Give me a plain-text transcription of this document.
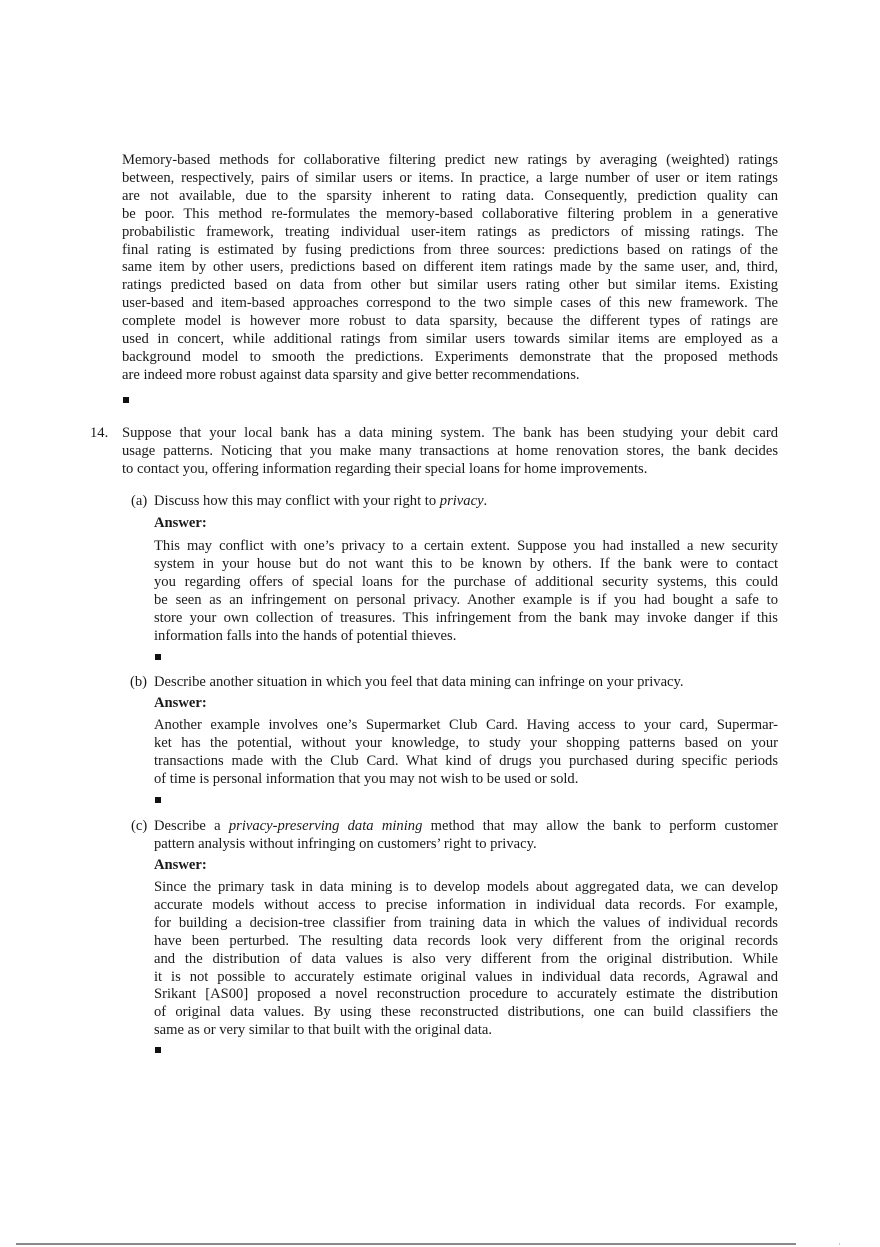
Memory-based methods for collaborative filtering predict new ratings by averaging (weighted) ratings
between, respectively, pairs of similar users or items. In practice, a large number of user or item ratings
are not available, due to the sparsity inherent to rating data. Consequently, prediction quality can
be poor. This method re-formulates the memory-based collaborative filtering problem in a generative
probabilistic framework, treating individual user-item ratings as predictors of missing ratings. The
final rating is estimated by fusing predictions from three sources: predictions based on ratings of the
same item by other users, predictions based on different item ratings made by the same user, and, third,
ratings predicted based on data from other but similar users rating other but similar items. Existing
user-based and item-based approaches correspond to the two simple cases of this new framework. The
complete model is however more robust to data sparsity, because the different types of ratings are
used in concert, while additional ratings from similar users towards similar items are employed as a
background model to smooth the predictions. Experiments demonstrate that the proposed methods
are indeed more robust against data sparsity and give better recommendations.
14. Suppose that your local bank has a data mining system. The bank has been studying your debit card
usage patterns. Noticing that you make many transactions at home renovation stores, the bank decides
to contact you, offering information regarding their special loans for home improvements.
(a) Discuss how this may conflict with your right to privacy.
Answer:
This may conflict with one’s privacy to a certain extent. Suppose you had installed a new security
system in your house but do not want this to be known by others. If the bank were to contact
you regarding offers of special loans for the purchase of additional security systems, this could
be seen as an infringement on personal privacy. Another example is if you had bought a safe to
store your own collection of treasures. This infringement from the bank may invoke danger if this
information falls into the hands of potential thieves.
(b) Describe another situation in which you feel that data mining can infringe on your privacy.
Answer:
Another example involves one’s Supermarket Club Card. Having access to your card, Supermar-
ket has the potential, without your knowledge, to study your shopping patterns based on your
transactions made with the Club Card. What kind of drugs you purchased during specific periods
of time is personal information that you may not wish to be used or sold.
(c) Describe a privacy-preserving data mining method that may allow the bank to perform customer
pattern analysis without infringing on customers’ right to privacy.
Answer:
Since the primary task in data mining is to develop models about aggregated data, we can develop
accurate models without access to precise information in individual data records. For example,
for building a decision-tree classifier from training data in which the values of individual records
have been perturbed. The resulting data records look very different from the original records
and the distribution of data values is also very different from the original distribution. While
it is not possible to accurately estimate original values in individual data records, Agrawal and
Srikant [AS00] proposed a novel reconstruction procedure to accurately estimate the distribution
of original data values. By using these reconstructed distributions, one can build classifiers the
same as or very similar to that built with the original data.
